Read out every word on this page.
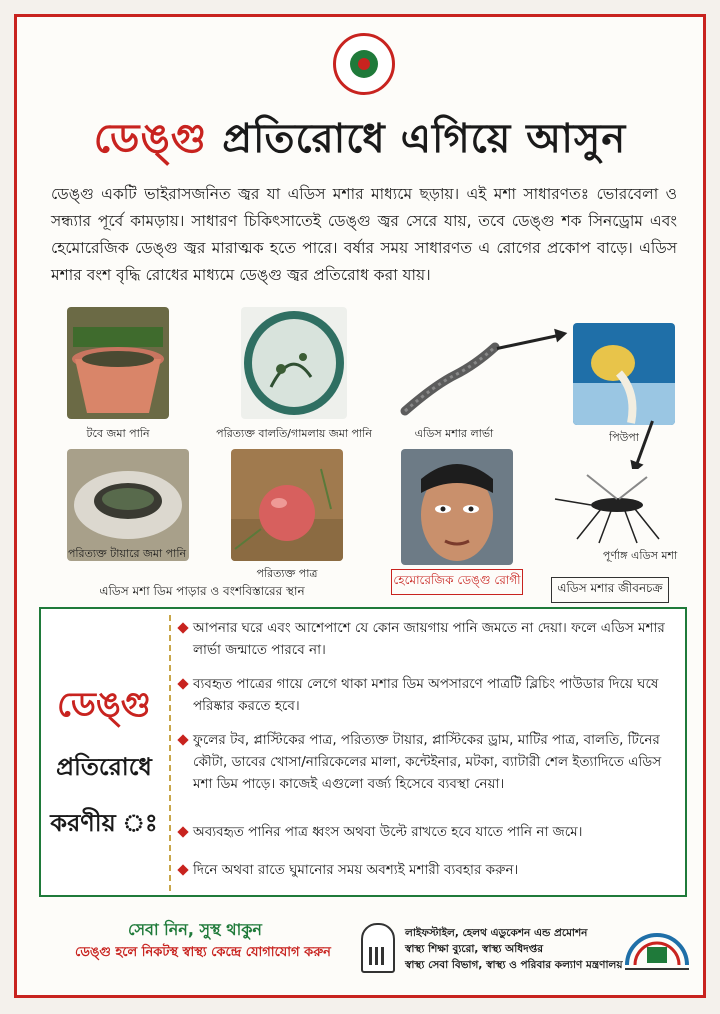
ডেঙ্গু প্রতিরোধে এগিয়ে আসুন

ডেঙ্গু একটি ভাইরাসজনিত জ্বর যা এডিস মশার মাধ্যমে ছড়ায়। এই মশা সাধারণতঃ ভোরবেলা ও সন্ধ্যার পূর্বে কামড়ায়। সাধারণ চিকিৎসাতেই ডেঙ্গু জ্বর সেরে যায়, তবে ডেঙ্গু শক সিনড্রোম এবং হেমোরেজিক ডেঙ্গু জ্বর মারাত্মক হতে পারে। বর্ষার সময় সাধারণত এ রোগের প্রকোপ বাড়ে। এডিস মশার বংশ বৃদ্ধি রোধের মাধ্যমে ডেঙ্গু জ্বর প্রতিরোধ করা যায়।

টবে জমা পানি	পরিত্যক্ত বালতি/গামলায় জমা পানি	এডিস মশার লার্ভা	পিউপা
পরিত্যক্ত টায়ারে জমা পানি
পরিত্যক্ত পাত্র
এডিস মশা ডিম পাড়ার ও বংশবিস্তারের স্থান
হেমোরেজিক ডেঙ্গু রোগী
পূর্ণাঙ্গ এডিস মশা
এডিস মশার জীবনচক্র
ডেঙ্গু
প্রতিরোধে
করণীয় ঃ
আপনার ঘরে এবং আশেপাশে যে কোন জায়গায় পানি জমতে না দেয়া। ফলে এডিস মশার লার্ভা জন্মাতে পারবে না।
ব্যবহৃত পাত্রের গায়ে লেগে থাকা মশার ডিম অপসারণে পাত্রটি ব্লিচিং পাউডার দিয়ে ঘষে পরিষ্কার করতে হবে।
ফুলের টব, প্লাস্টিকের পাত্র, পরিত্যক্ত টায়ার, প্লাস্টিকের ড্রাম, মাটির পাত্র, বালতি, টিনের কৌটা, ডাবের খোসা/নারিকেলের মালা, কন্টেইনার, মটকা, ব্যাটারী শেল ইত্যাদিতে এডিস মশা ডিম পাড়ে। কাজেই এগুলো বর্জ্য হিসেবে ব্যবস্থা নেয়া।
অব্যবহৃত পানির পাত্র ধ্বংস অথবা উল্টে রাখতে হবে যাতে পানি না জমে।
দিনে অথবা রাতে ঘুমানোর সময় অবশ্যই মশারী ব্যবহার করুন।
সেবা নিন, সুস্থ থাকুন
ডেঙ্গু হলে নিকটস্থ স্বাস্থ্য কেন্দ্রে যোগাযোগ করুন
লাইফস্টাইল, হেলথ এডুকেশন এন্ড প্রমোশন
স্বাস্থ্য শিক্ষা ব্যুরো, স্বাস্থ্য অধিদপ্তর
স্বাস্থ্য সেবা বিভাগ, স্বাস্থ্য ও পরিবার কল্যাণ মন্ত্রণালয়
